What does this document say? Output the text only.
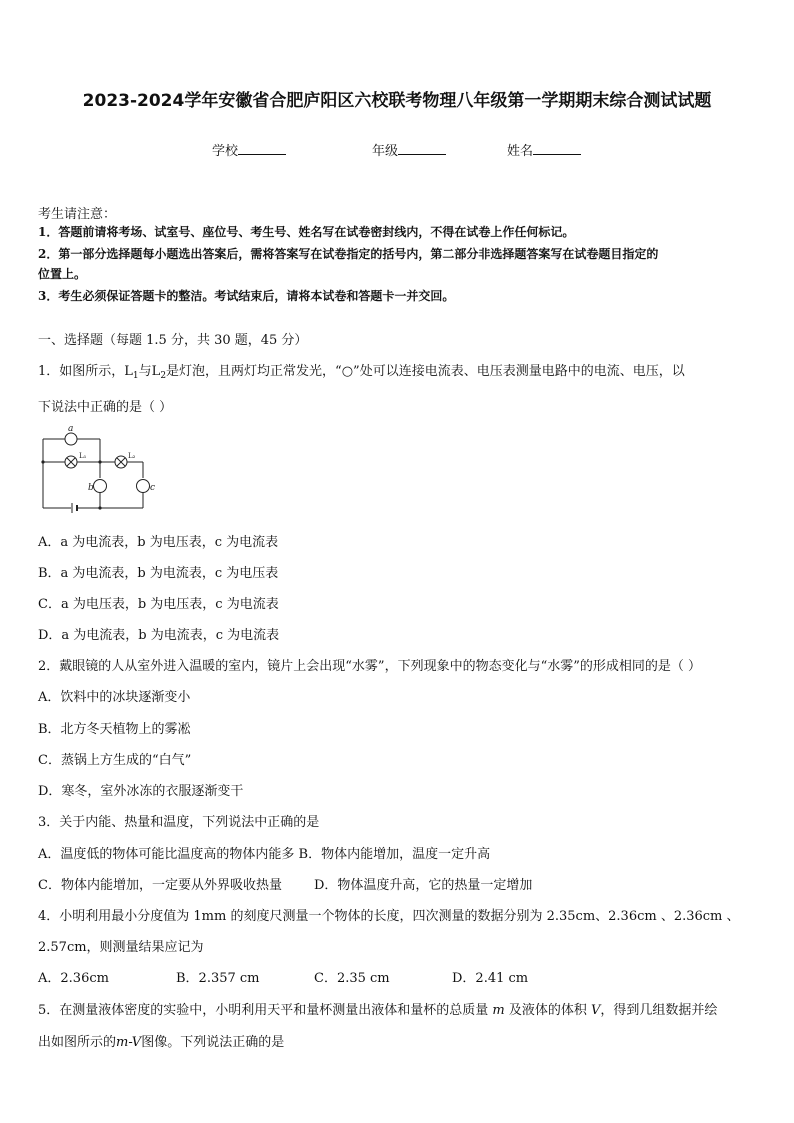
2023-2024学年安徽省合肥庐阳区六校联考物理八年级第一学期期末综合测试试题
学校	年级	姓名
考生请注意：
1．答题前请将考场、试室号、座位号、考生号、姓名写在试卷密封线内，不得在试卷上作任何标记。
2．第一部分选择题每小题选出答案后，需将答案写在试卷指定的括号内，第二部分非选择题答案写在试卷题目指定的
位置上。
3．考生必须保证答题卡的整洁。考试结束后，请将本试卷和答题卡一并交回。
一、选择题（每题 1.5 分，共 30 题，45 分）
1．如图所示，$L_1$与$L_2$是灯泡，且两灯均正常发光，“○”处可以连接电流表、电压表测量电路中的电流、电压，以
下说法中正确的是（ ）
a
b	c
L₁	L₂
A．a 为电流表，b 为电压表，c 为电流表
B．a 为电流表，b 为电流表，c 为电压表
C．a 为电压表，b 为电压表，c 为电流表
D．a 为电流表，b 为电流表，c 为电流表
2．戴眼镜的人从室外进入温暖的室内，镜片上会出现“水雾”，下列现象中的物态变化与“水雾”的形成相同的是（ ）
A．饮料中的冰块逐渐变小
B．北方冬天植物上的雾凇
C．蒸锅上方生成的“白气”
D．寒冬，室外冰冻的衣服逐渐变干
3．关于内能、热量和温度，下列说法中正确的是
A．温度低的物体可能比温度高的物体内能多 B．物体内能增加，温度一定升高
C．物体内能增加，一定要从外界吸收热量 D．物体温度升高，它的热量一定增加
4．小明利用最小分度值为 1mm 的刻度尺测量一个物体的长度，四次测量的数据分别为 2.35cm、2.36cm 、2.36cm 、
2.57cm，则测量结果应记为
A．2.36cm	B．2.357 cm	C．2.35 cm	D．2.41 cm
5．在测量液体密度的实验中，小明利用天平和量杯测量出液体和量杯的总质量 m 及液体的体积 V，得到几组数据并绘
出如图所示的m-V图像。下列说法正确的是
